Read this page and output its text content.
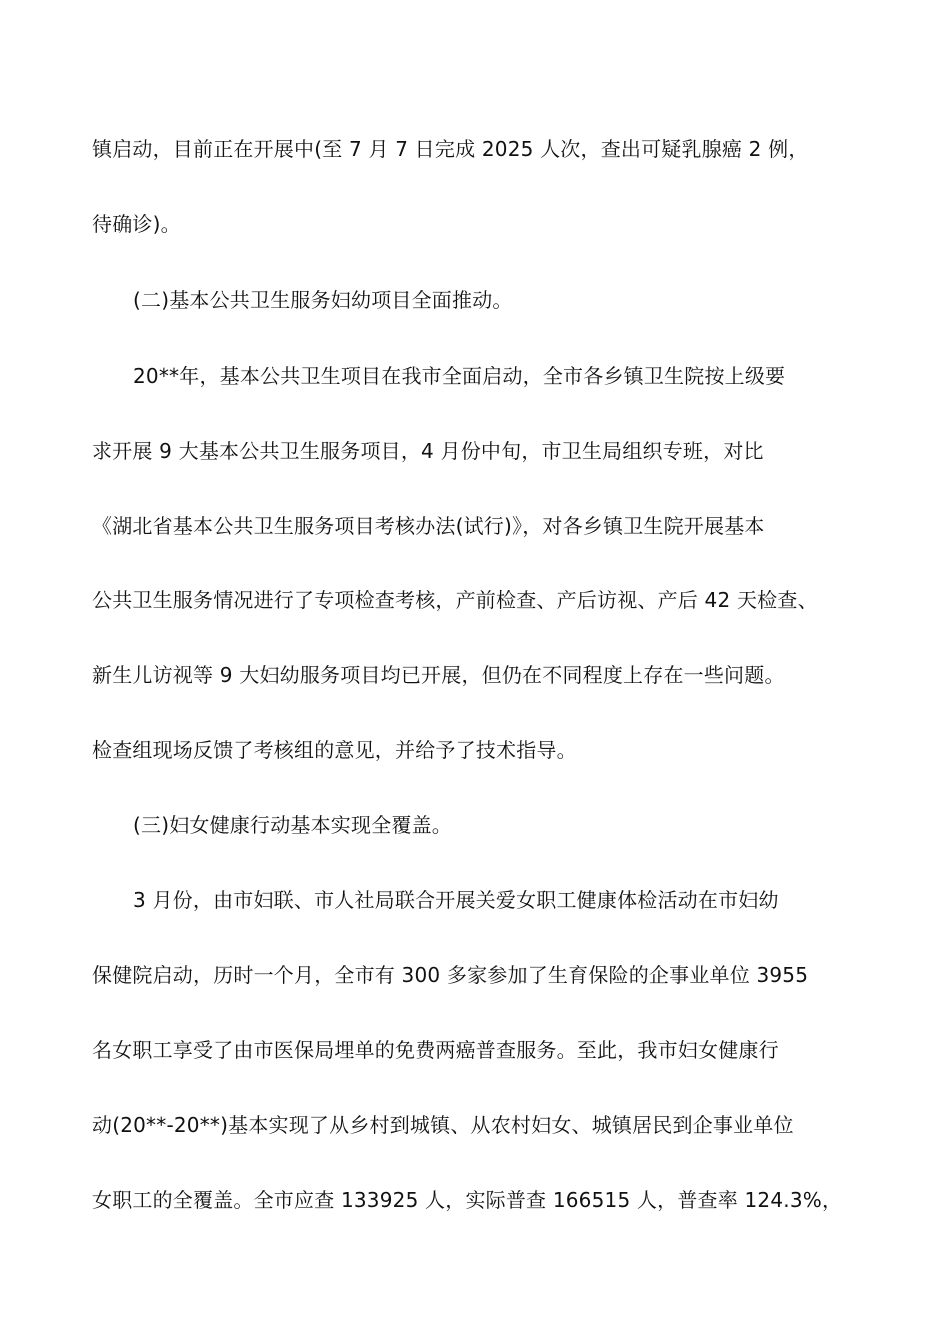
镇启动，目前正在开展中(至 7 月 7 日完成 2025 人次，查出可疑乳腺癌 2 例，
待确诊)。
(二)基本公共卫生服务妇幼项目全面推动。
20**年，基本公共卫生项目在我市全面启动，全市各乡镇卫生院按上级要
求开展 9 大基本公共卫生服务项目，4 月份中旬，市卫生局组织专班，对比
《湖北省基本公共卫生服务项目考核办法(试行)》，对各乡镇卫生院开展基本
公共卫生服务情况进行了专项检查考核，产前检查、产后访视、产后 42 天检查、
新生儿访视等 9 大妇幼服务项目均已开展，但仍在不同程度上存在一些问题。
检查组现场反馈了考核组的意见，并给予了技术指导。
(三)妇女健康行动基本实现全覆盖。
3 月份，由市妇联、市人社局联合开展关爱女职工健康体检活动在市妇幼
保健院启动，历时一个月，全市有 300 多家参加了生育保险的企事业单位 3955
名女职工享受了由市医保局埋单的免费两癌普查服务。至此，我市妇女健康行
动(20**-20**)基本实现了从乡村到城镇、从农村妇女、城镇居民到企事业单位
女职工的全覆盖。全市应查 133925 人，实际普查 166515 人，普查率 124.3%，
